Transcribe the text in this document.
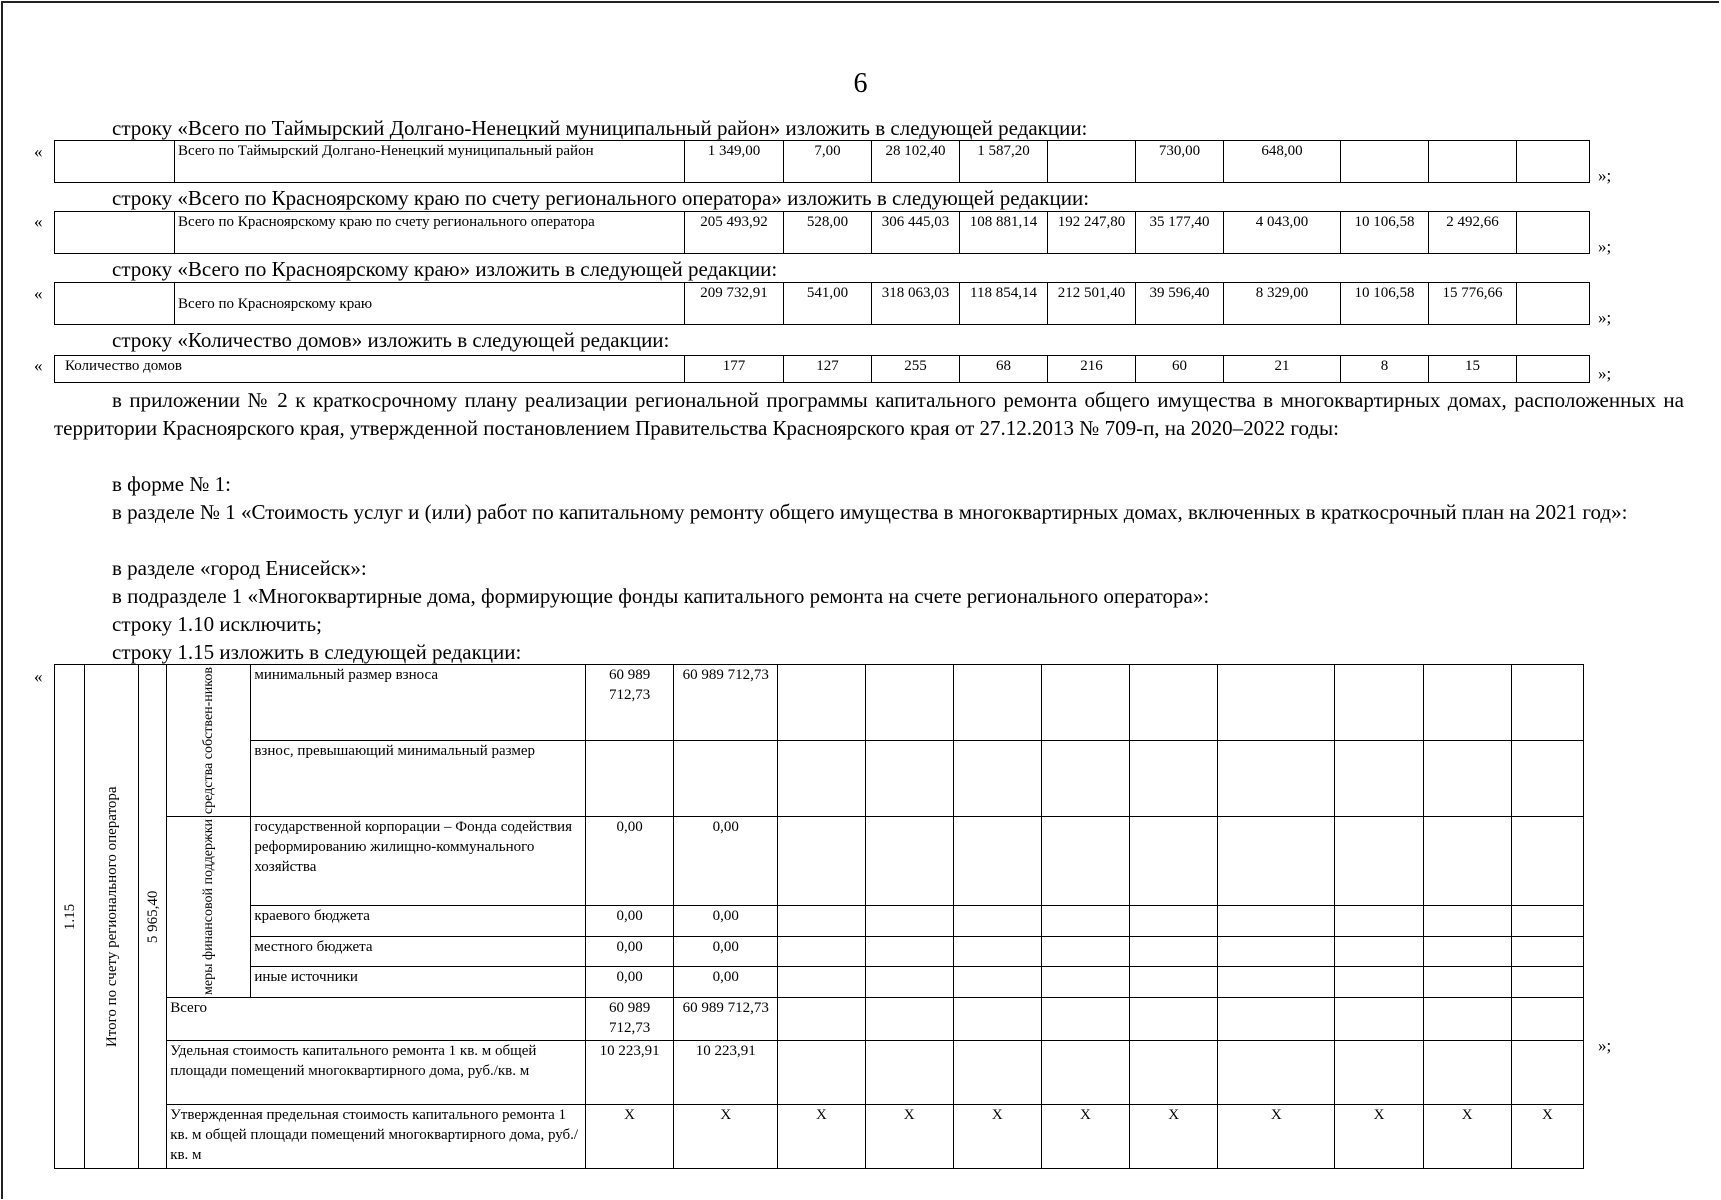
6
строку «Всего по Таймырский Долгано-Ненецкий муниципальный район» изложить в следующей редакции:
«
		Всего по Таймырский Долгано-Ненецкий муниципальный район	1 349,00	7,00	28 102,40	1 587,20		730,00	648,00			
»;
строку «Всего по Красноярскому краю по счету регионального оператора» изложить в следующей редакции:
«
		Всего по Красноярскому краю по счету регионального оператора	205 493,92	528,00	306 445,03	108 881,14	192 247,80	35 177,40	4 043,00	10 106,58	2 492,66	
»;
строку «Всего по Красноярскому краю» изложить в следующей редакции:
«
	Всего по Красноярскому краю	209 732,91	541,00	318 063,03	118 854,14	212 501,40	39 596,40	8 329,00	10 106,58	15 776,66	
»;
строку «Количество домов» изложить в следующей редакции:
« Количество домов	177	127	255	68	216	60	21	8	15		»;
в приложении № 2 к краткосрочному плану реализации региональной программы капитального ремонта общего имущества в многоквартирных домах, расположенных на территории Красноярского края, утвержденной постановлением Правительства Красноярского края от 27.12.2013 № 709-п, на 2020–2022 годы:
в форме № 1:
в разделе № 1 «Стоимость услуг и (или) работ по капитальному ремонту общего имущества в многоквартирных домах, включенных в краткосрочный план на 2021 год»:
в разделе «город Енисейск»:
в подразделе 1 «Многоквартирные дома, формирующие фонды капитального ремонта на счете регионального оператора»:
строку 1.10 исключить;
строку 1.15 изложить в следующей редакции:
«
1.15	Итого по счету регионального оператора	5 965,40	средства собствен-ников	минимальный размер взноса	60 989 712,73	60 989 712,73									
				взнос, превышающий минимальный размер											
			меры финансовой поддержки	государственной корпорации – Фонда содействия реформированию жилищно-коммунального хозяйства	0,00	0,00									
				краевого бюджета	0,00	0,00									
				местного бюджета	0,00	0,00									
				иные источники	0,00	0,00									
			Всего		60 989 712,73	60 989 712,73									
			Удельная стоимость капитального ремонта 1 кв. м общей площади помещений многоквартирного дома, руб./кв. м		10 223,91	10 223,91									
			Утвержденная предельная стоимость капитального ремонта 1 кв. м общей площади помещений многоквартирного дома, руб./кв. м		X	X	X	X	X	X	X	X	X	X	X
»;
